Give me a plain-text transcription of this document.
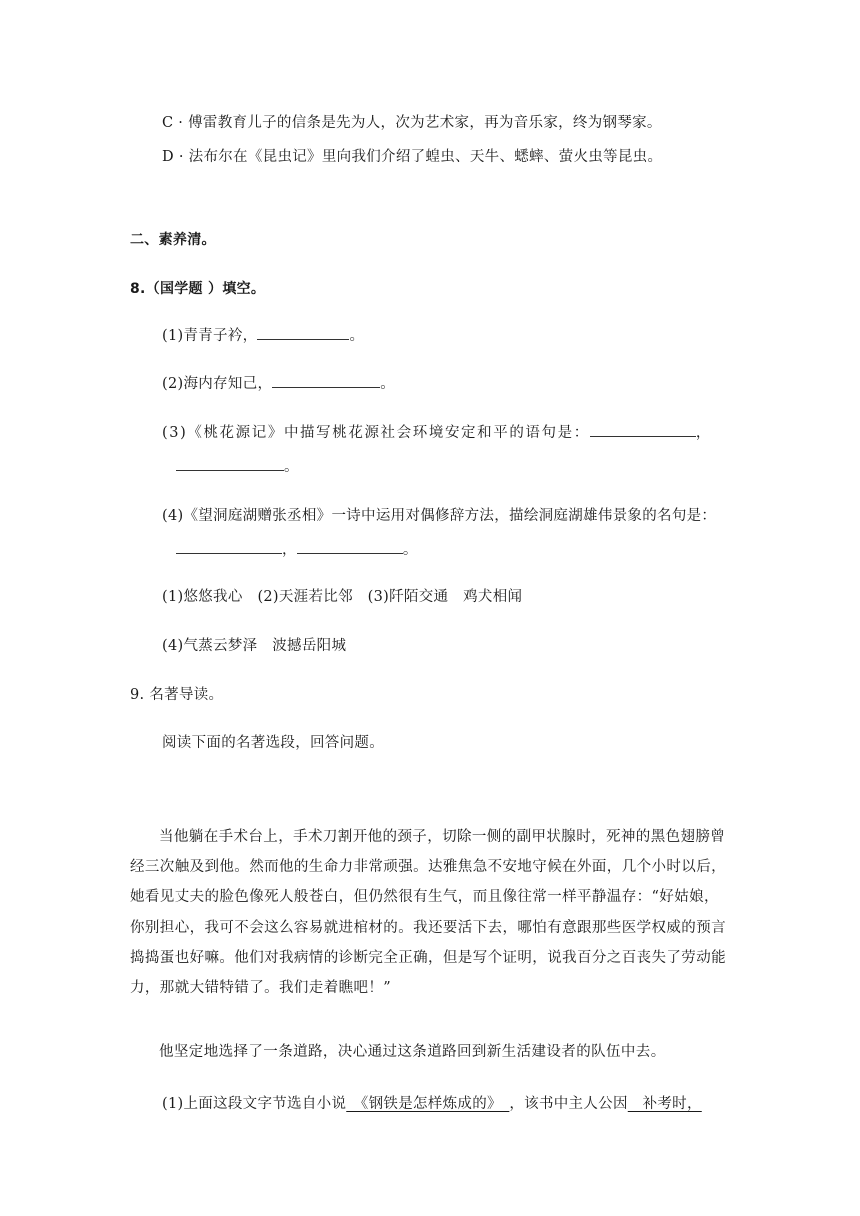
C · 傅雷教育儿子的信条是先为人，次为艺术家，再为音乐家，终为钢琴家。
D · 法布尔在《昆虫记》里向我们介绍了蝗虫、天牛、蟋蟀、萤火虫等昆虫。
二、素养清。
8.（国学题 ）填空。
(1)青青子衿，	。
(2)海内存知己，	。
(3)《桃花源记》中描写桃花源社会环境安定和平的语句是：	，
。
(4)《望洞庭湖赠张丞相》一诗中运用对偶修辞方法，描绘洞庭湖雄伟景象的名句是：
，	。
(1)悠悠我心　(2)天涯若比邻　(3)阡陌交通　鸡犬相闻
(4)气蒸云梦泽　波撼岳阳城
9. 名著导读。
阅读下面的名著选段，回答问题。
当他躺在手术台上，手术刀割开他的颈子，切除一侧的副甲状腺时，死神的黑色翅膀曾经三次触及到他。然而他的生命力非常顽强。达雅焦急不安地守候在外面，几个小时以后，她看见丈夫的脸色像死人般苍白，但仍然很有生气，而且像往常一样平静温存：“好姑娘，你别担心，我可不会这么容易就进棺材的。我还要活下去，哪怕有意跟那些医学权威的预言捣捣蛋也好嘛。他们对我病情的诊断完全正确，但是写个证明，说我百分之百丧失了劳动能力，那就大错特错了。我们走着瞧吧！”
他坚定地选择了一条道路，决心通过这条道路回到新生活建设者的队伍中去。
(1)上面这段文字节选自小说　《钢铁是怎样炼成的》　，该书中主人公因　补考时，
